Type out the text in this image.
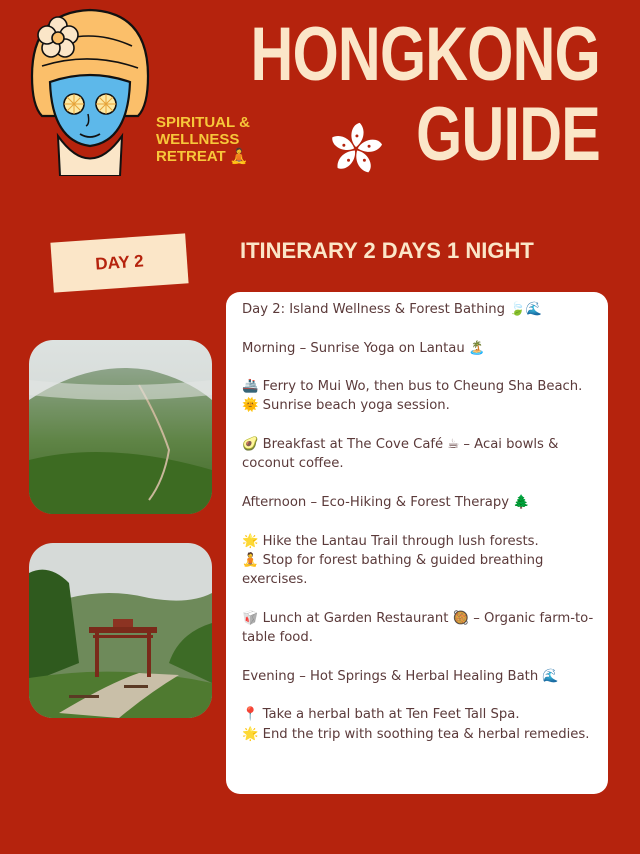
HONGKONG
GUIDE
SPIRITUAL &
WELLNESS
RETREAT 🧘
DAY 2	ITINERARY 2 DAYS 1 NIGHT

Day 2: Island Wellness & Forest Bathing 🍃🌊

Morning – Sunrise Yoga on Lantau 🏝️

🚢 Ferry to Mui Wo, then bus to Cheung Sha Beach.

🌞 Sunrise beach yoga session.

🥑 Breakfast at The Cove Café ☕ – Acai bowls & coconut coffee.

Afternoon – Eco-Hiking & Forest Therapy 🌲

🌟 Hike the Lantau Trail through lush forests.

🧘 Stop for forest bathing & guided breathing exercises.

🥡 Lunch at Garden Restaurant 🥘 – Organic farm-to-table food.

Evening – Hot Springs & Herbal Healing Bath 🌊

📍 Take a herbal bath at Ten Feet Tall Spa.

🌟 End the trip with soothing tea & herbal remedies.
